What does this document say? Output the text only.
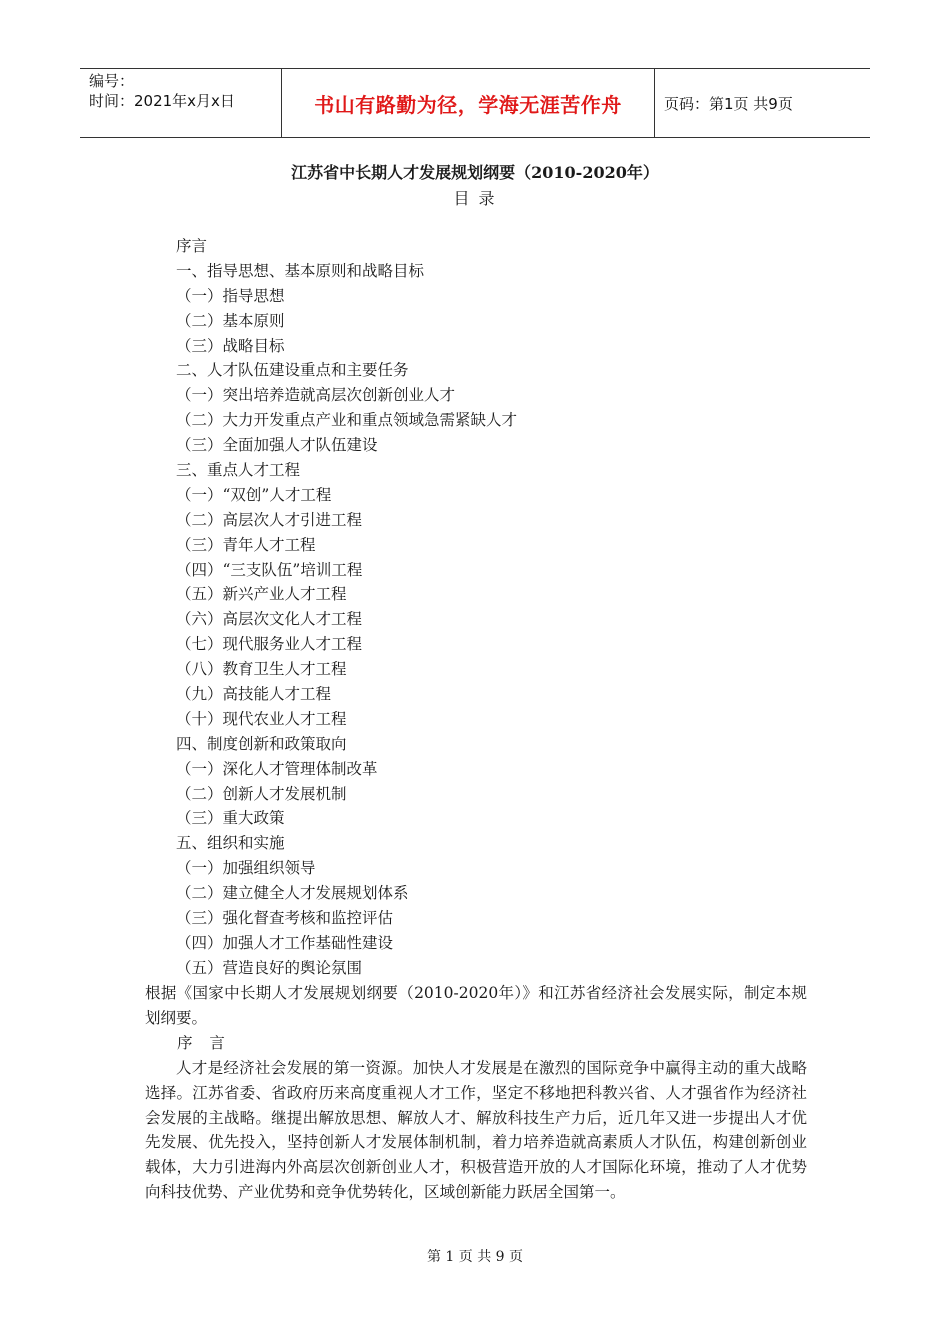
编号：
时间：2021年x月x日	书山有路勤为径，学海无涯苦作舟	页码：第1页 共9页
江苏省中长期人才发展规划纲要（2010-2020年）
目 录
序言
一、指导思想、基本原则和战略目标
（一）指导思想
（二）基本原则
（三）战略目标
二、人才队伍建设重点和主要任务
（一）突出培养造就高层次创新创业人才
（二）大力开发重点产业和重点领域急需紧缺人才
（三）全面加强人才队伍建设
三、重点人才工程
（一）“双创”人才工程
（二）高层次人才引进工程
（三）青年人才工程
（四）“三支队伍”培训工程
（五）新兴产业人才工程
（六）高层次文化人才工程
（七）现代服务业人才工程
（八）教育卫生人才工程
（九）高技能人才工程
（十）现代农业人才工程
四、制度创新和政策取向
（一）深化人才管理体制改革
（二）创新人才发展机制
（三）重大政策
五、组织和实施
（一）加强组织领导
（二）建立健全人才发展规划体系
（三）强化督查考核和监控评估
（四）加强人才工作基础性建设
（五）营造良好的舆论氛围

根据《国家中长期人才发展规划纲要（2010-2020年）》和江苏省经济社会发展实际，制定本规划纲要。

序 言

人才是经济社会发展的第一资源。加快人才发展是在激烈的国际竞争中赢得主动的重大战略选择。江苏省委、省政府历来高度重视人才工作，坚定不移地把科教兴省、人才强省作为经济社会发展的主战略。继提出解放思想、解放人才、解放科技生产力后，近几年又进一步提出人才优先发展、优先投入，坚持创新人才发展体制机制，着力培养造就高素质人才队伍，构建创新创业载体，大力引进海内外高层次创新创业人才，积极营造开放的人才国际化环境，推动了人才优势向科技优势、产业优势和竞争优势转化，区域创新能力跃居全国第一。

第 1 页 共 9 页
